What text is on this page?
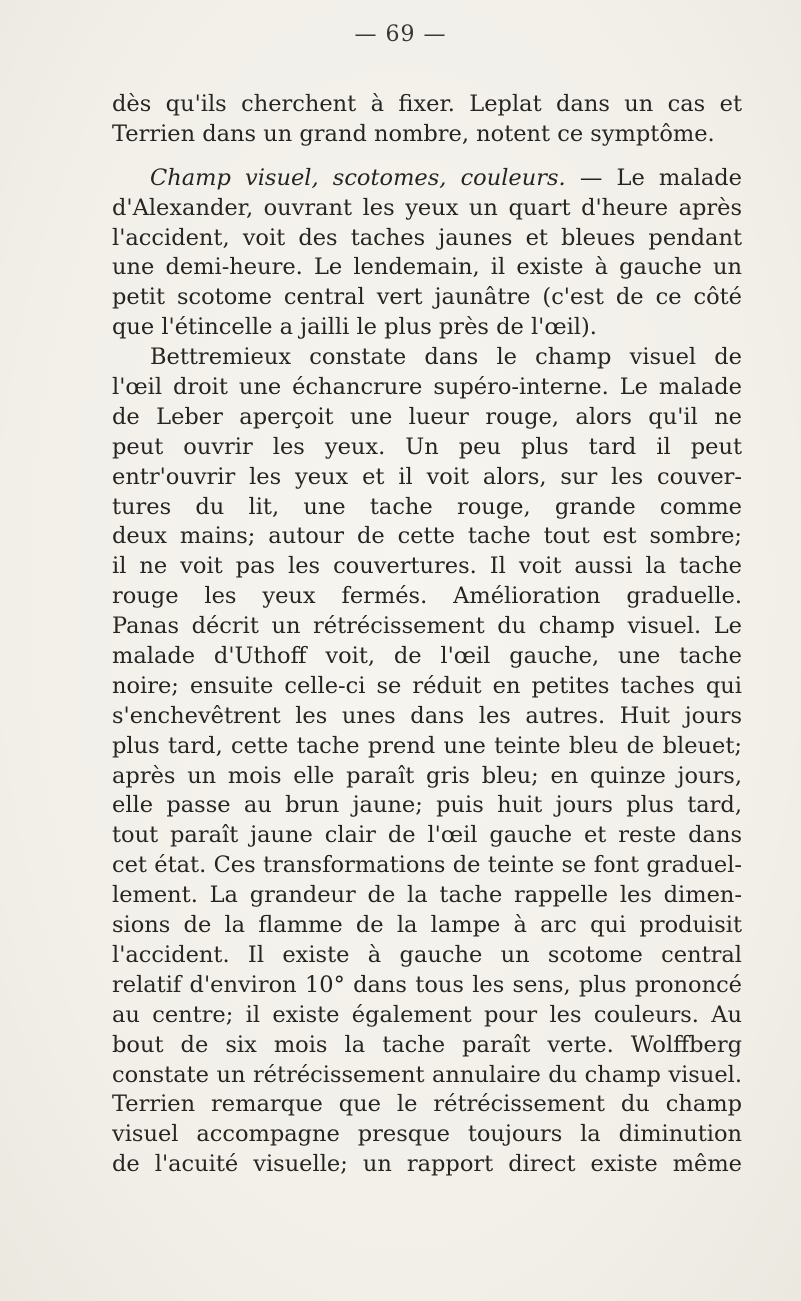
— 69 —
dès qu'ils cherchent à fixer. Leplat dans un cas et
Terrien dans un grand nombre, notent ce symptôme.
Champ visuel, scotomes, couleurs. — Le malade
d'Alexander, ouvrant les yeux un quart d'heure après
l'accident, voit des taches jaunes et bleues pendant
une demi-heure. Le lendemain, il existe à gauche un
petit scotome central vert jaunâtre (c'est de ce côté
que l'étincelle a jailli le plus près de l'œil).
Bettremieux constate dans le champ visuel de
l'œil droit une échancrure supéro-interne. Le malade
de Leber aperçoit une lueur rouge, alors qu'il ne
peut ouvrir les yeux. Un peu plus tard il peut
entr'ouvrir les yeux et il voit alors, sur les couver-
tures du lit, une tache rouge, grande comme
deux mains; autour de cette tache tout est sombre;
il ne voit pas les couvertures. Il voit aussi la tache
rouge les yeux fermés. Amélioration graduelle.
Panas décrit un rétrécissement du champ visuel. Le
malade d'Uthoff voit, de l'œil gauche, une tache
noire; ensuite celle-ci se réduit en petites taches qui
s'enchevêtrent les unes dans les autres. Huit jours
plus tard, cette tache prend une teinte bleu de bleuet;
après un mois elle paraît gris bleu; en quinze jours,
elle passe au brun jaune; puis huit jours plus tard,
tout paraît jaune clair de l'œil gauche et reste dans
cet état. Ces transformations de teinte se font graduel-
lement. La grandeur de la tache rappelle les dimen-
sions de la flamme de la lampe à arc qui produisit
l'accident. Il existe à gauche un scotome central
relatif d'environ 10° dans tous les sens, plus prononcé
au centre; il existe également pour les couleurs. Au
bout de six mois la tache paraît verte. Wolffberg
constate un rétrécissement annulaire du champ visuel.
Terrien remarque que le rétrécissement du champ
visuel accompagne presque toujours la diminution
de l'acuité visuelle; un rapport direct existe même
